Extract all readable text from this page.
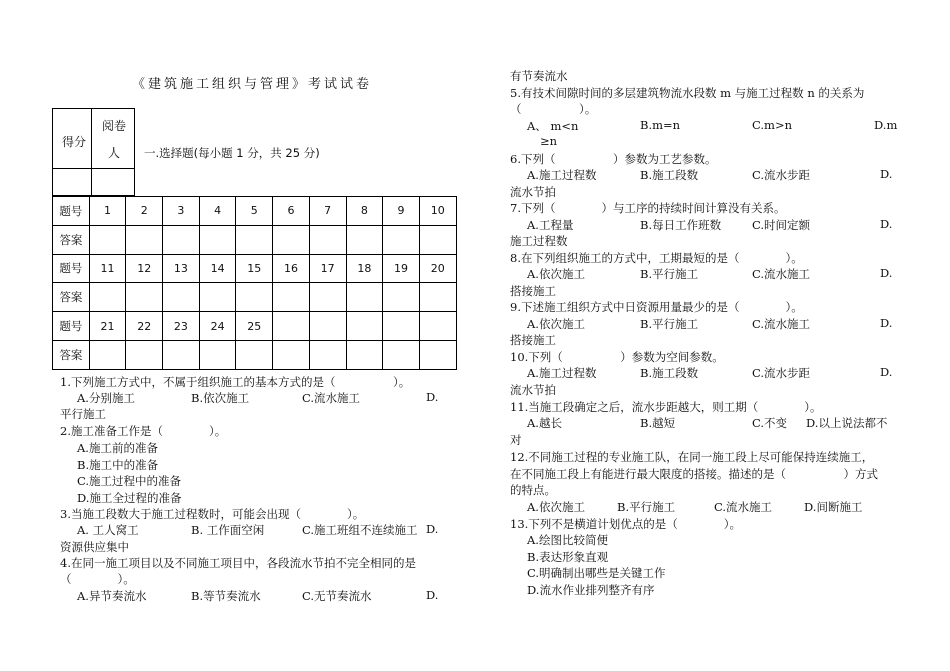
《建筑施工组织与管理》考试试卷
得分
阅卷人	一.选择题(每小题 1 分，共 25 分)
题号	1	2	3	4	5	6	7	8	9	10
答案										
题号	11	12	13	14	15	16	17	18	19	20
答案										
题号	21	22	23	24	25					
答案										
1.下列施工方式中，不属于组织施工的基本方式的是（　　　　　）。
A.分别施工	B.依次施工	C.流水施工	D.
平行施工
2.施工准备工作是（　　　　）。
A.施工前的准备
B.施工中的准备
C.施工过程中的准备
D.施工全过程的准备
3.当施工段数大于施工过程数时，可能会出现（　　　　）。
A. 工人窝工	B. 工作面空闲	C.施工班组不连续施工 D.
资源供应集中
4.在同一施工项目以及不同施工项目中，各段流水节拍不完全相同的是
（　　　　）。
A.异节奏流水	B.等节奏流水	C.无节奏流水	D.
有节奏流水
5.有技术间隙时间的多层建筑物流水段数 m 与施工过程数 n 的关系为
（　　　　　）。
A、 m<n	B.m=n	C.m>n	D.m
≥n
6.下列（　　　　　）参数为工艺参数。
A.施工过程数	B.施工段数	C.流水步距	D.
流水节拍
7.下列（　　　　）与工序的持续时间计算没有关系。
A.工程量	B.每日工作班数	C.时间定额	D.
施工过程数
8.在下列组织施工的方式中，工期最短的是（　　　　）。
A.依次施工	B.平行施工	C.流水施工	D.
搭接施工
9.下述施工组织方式中日资源用量最少的是（　　　　）。
A.依次施工	B.平行施工	C.流水施工	D.
搭接施工
10.下列（　　　　　）参数为空间参数。
A.施工过程数	B.施工段数	C.流水步距	D.
流水节拍
11.当施工段确定之后，流水步距越大，则工期（　　　　）。
A.越长	B.越短	C.不变 D.以上说法都不
对
12.不同施工过程的专业施工队，在同一施工段上尽可能保持连续施工，
在不同施工段上有能进行最大限度的搭接。描述的是（　　　　　）方式
的特点。
A.依次施工	B.平行施工	C.流水施工	D.间断施工
13.下列不是横道计划优点的是（　　　　）。
A.绘图比较简便
B.表达形象直观
C.明确制出哪些是关键工作
D.流水作业排列整齐有序
